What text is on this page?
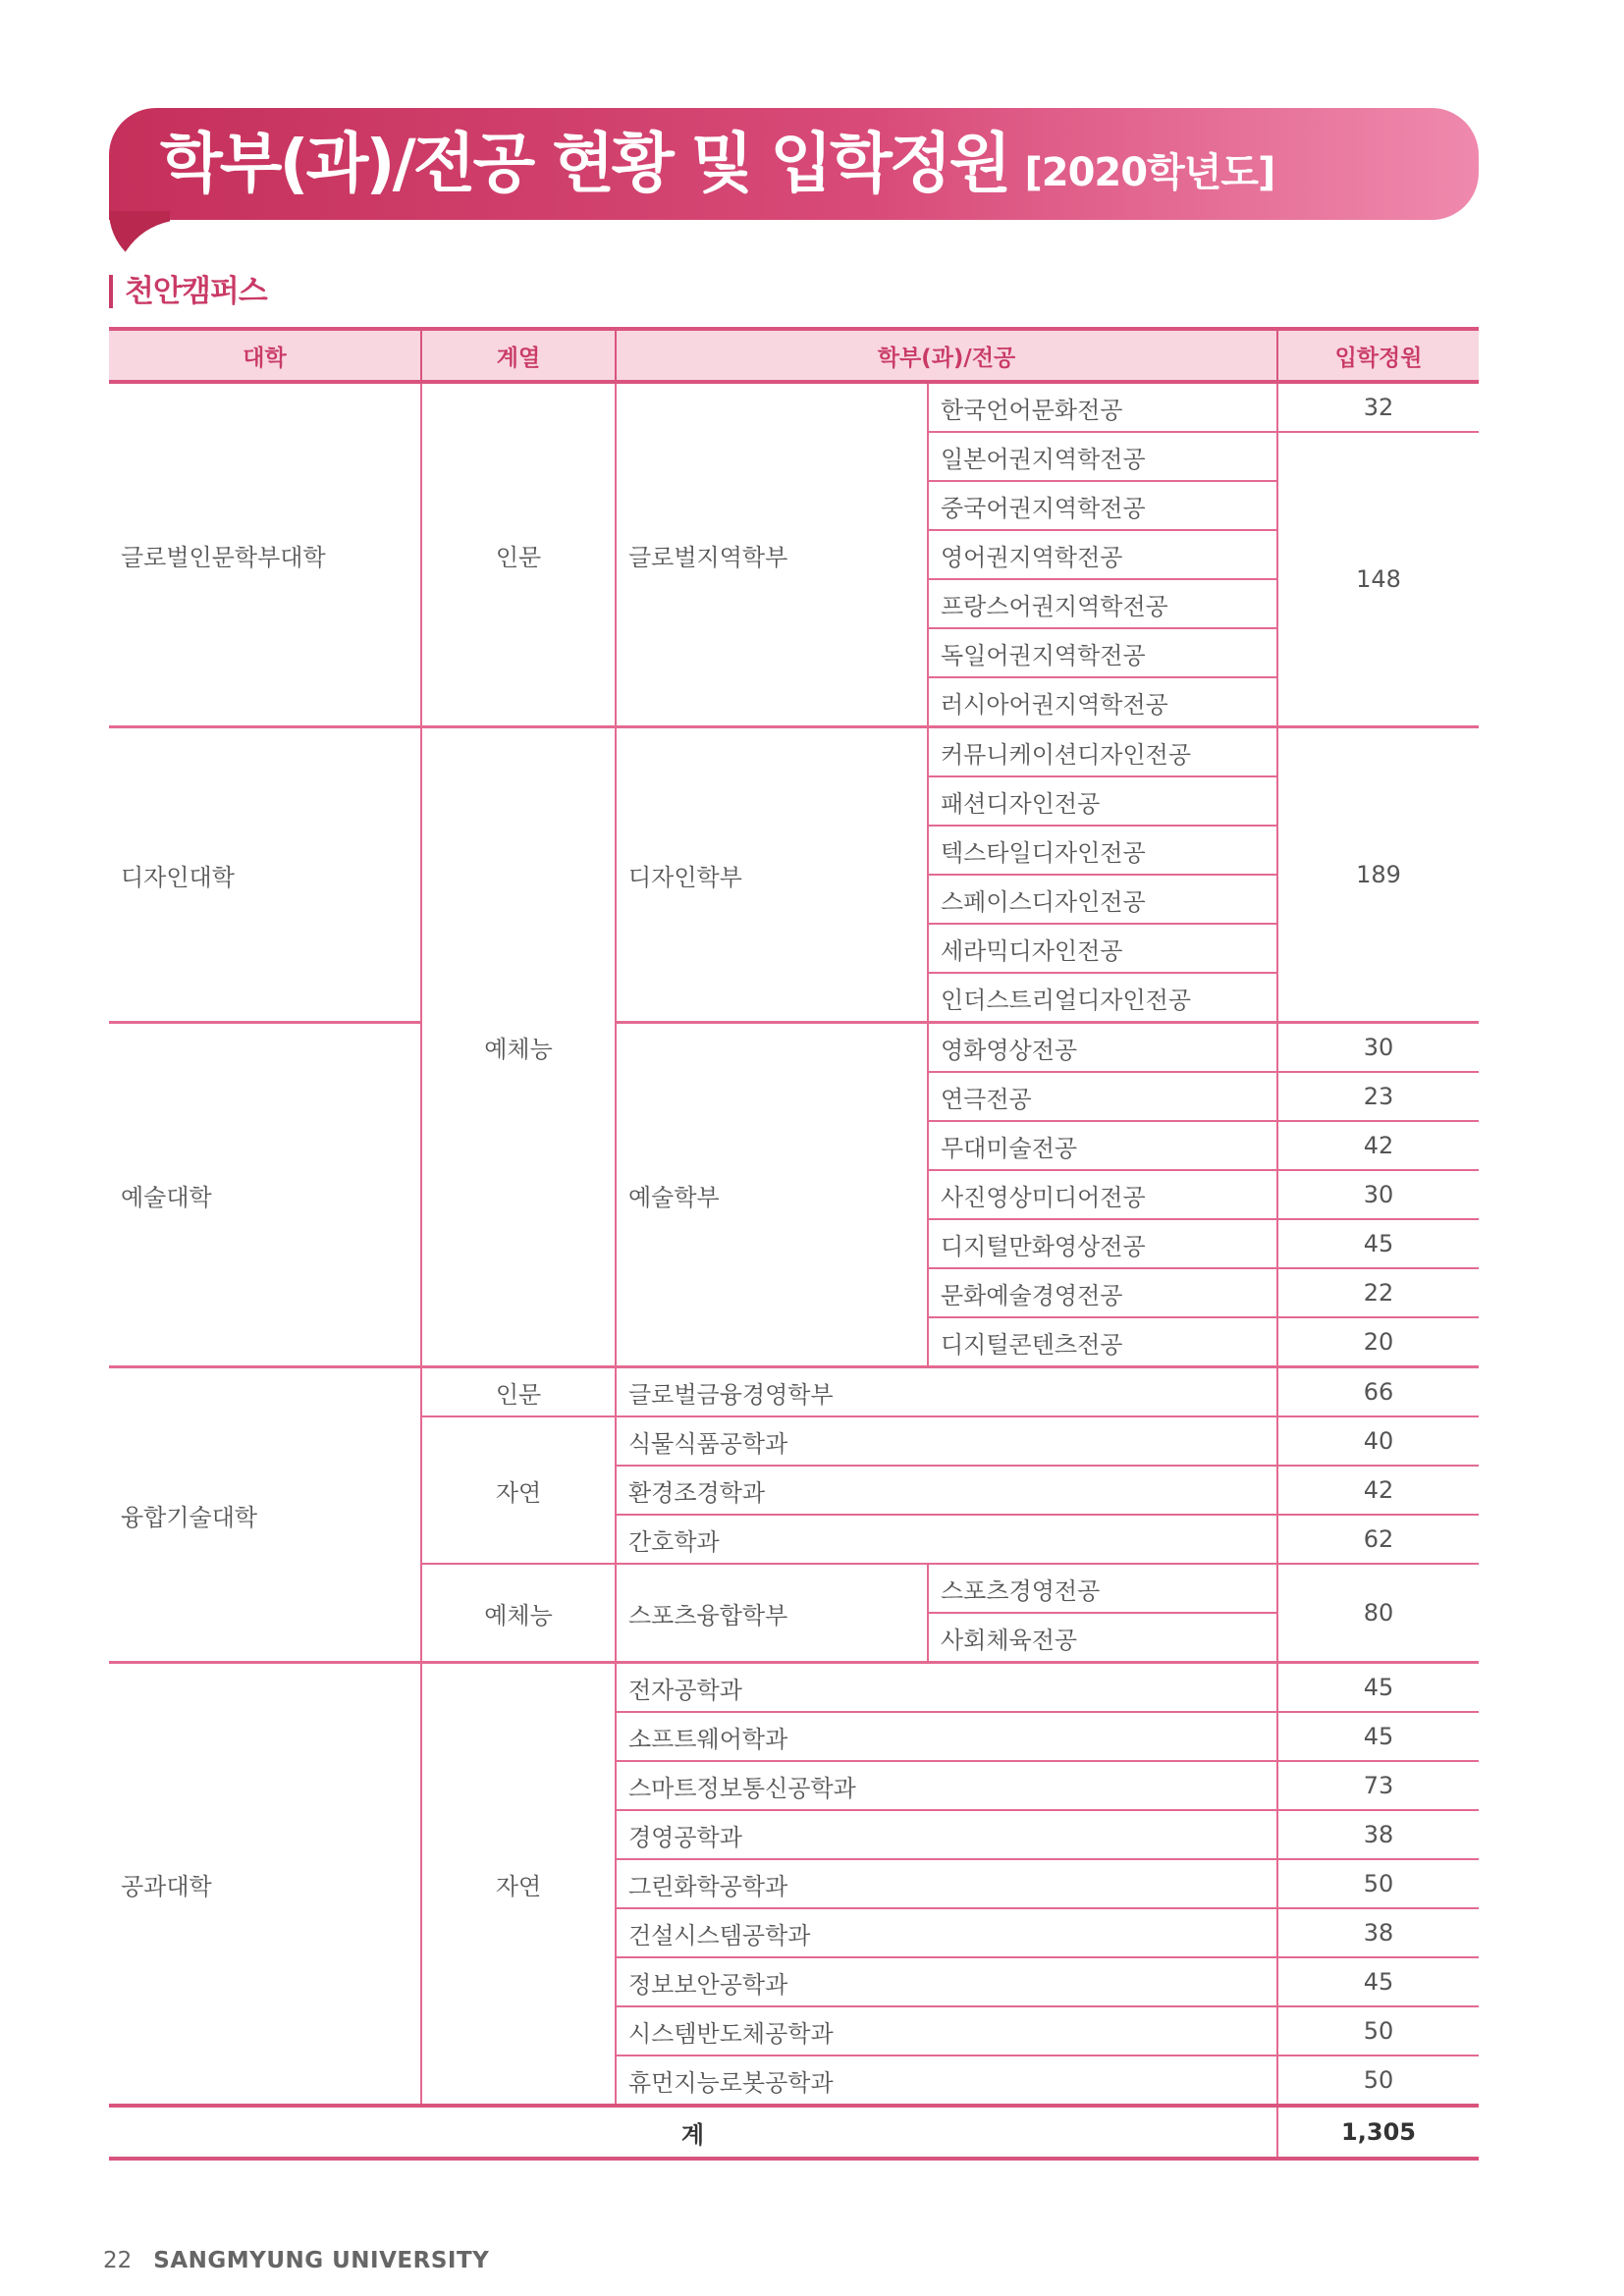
학부(과)/전공 현황 및 입학정원 [2020학년도]
천안캠퍼스
대학	계열	학부(과)/전공		입학정원
글로벌인문학부대학	인문	글로벌지역학부	한국언어문화전공	32
			일본어권지역학전공	148
			중국어권지역학전공	
			영어권지역학전공	
			프랑스어권지역학전공	
			독일어권지역학전공	
			러시아어권지역학전공	
디자인대학	예체능	디자인학부	커뮤니케이션디자인전공	189
			패션디자인전공	
			텍스타일디자인전공	
			스페이스디자인전공	
			세라믹디자인전공	
			인더스트리얼디자인전공	
예술대학		예술학부	영화영상전공	30
			연극전공	23
			무대미술전공	42
			사진영상미디어전공	30
			디지털만화영상전공	45
			문화예술경영전공	22
			디지털콘텐츠전공	20
융합기술대학	인문	글로벌금융경영학부		66
	자연	식물식품공학과		40
		환경조경학과		42
		간호학과		62
	예체능	스포츠융합학부	스포츠경영전공	80
			사회체육전공	
공과대학	자연	전자공학과		45
		소프트웨어학과		45
		스마트정보통신공학과		73
		경영공학과		38
		그린화학공학과		50
		건설시스템공학과		38
		정보보안공학과		45
		시스템반도체공학과		50
		휴먼지능로봇공학과		50
계				1,305
22 SANGMYUNG UNIVERSITY
